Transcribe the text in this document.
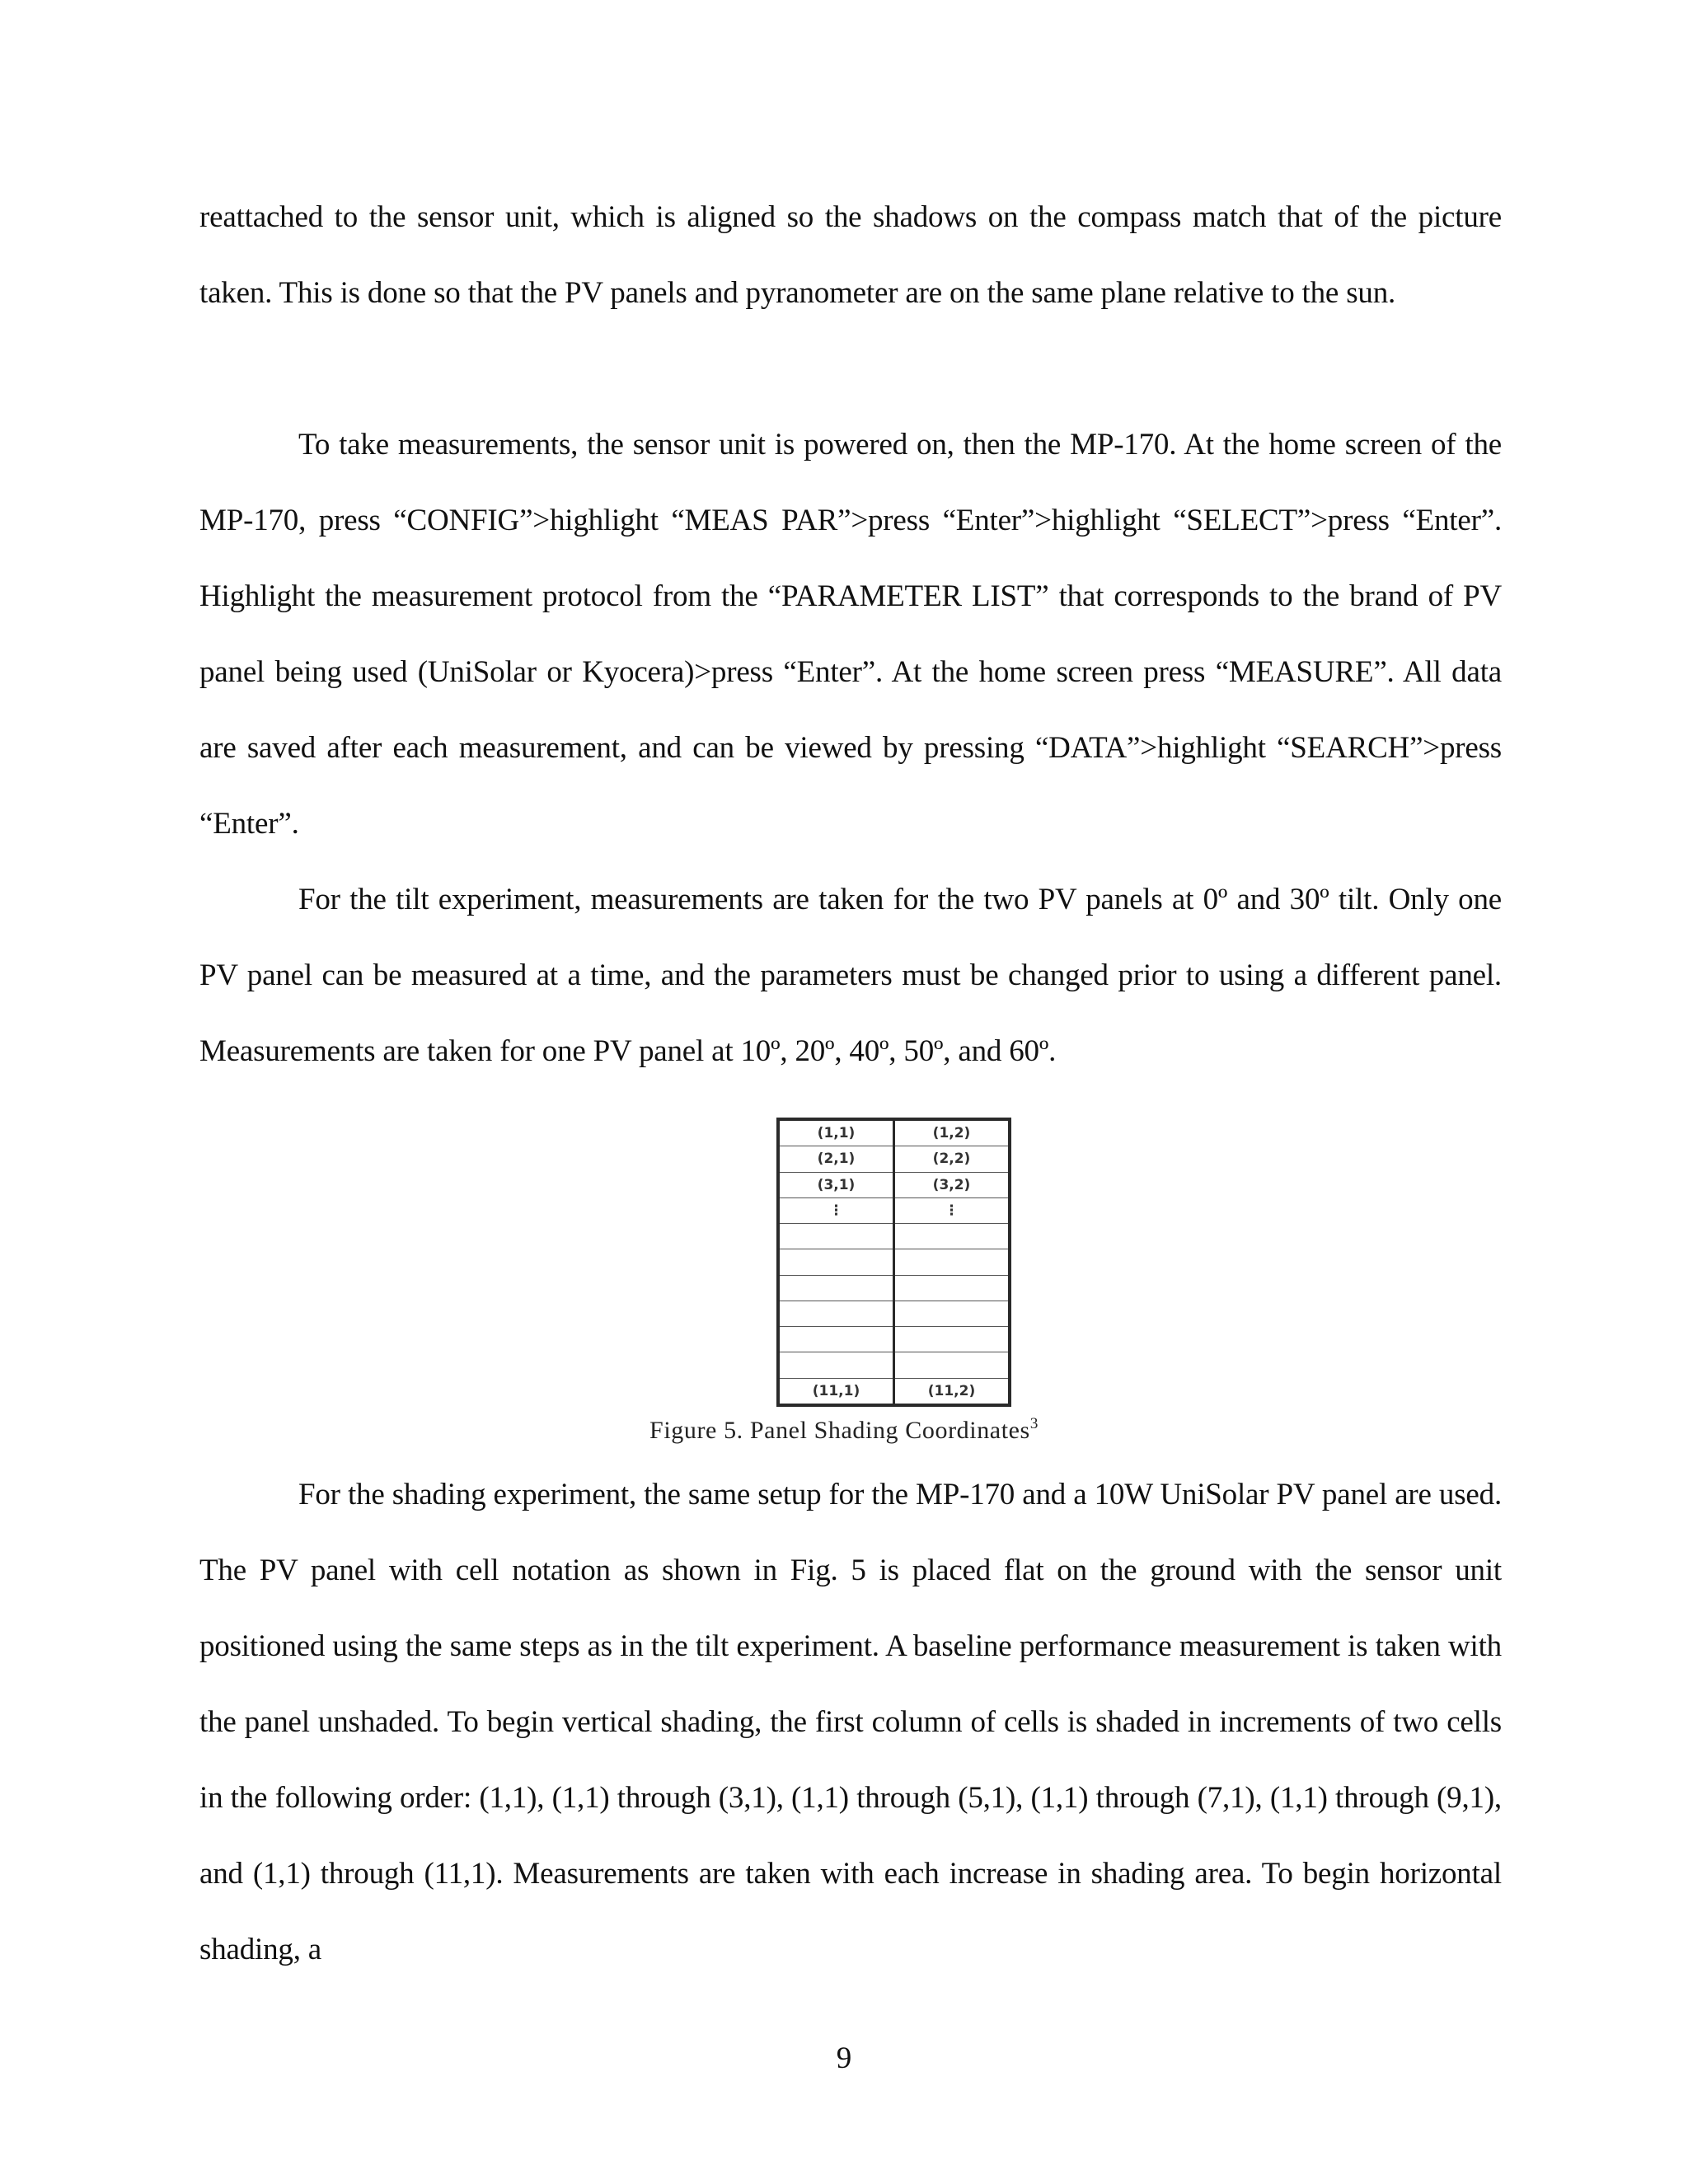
reattached to the sensor unit, which is aligned so the shadows on the compass match that of the picture taken. This is done so that the PV panels and pyranometer are on the same plane relative to the sun.

To take measurements, the sensor unit is powered on, then the MP-170. At the home screen of the MP-170, press “CONFIG”>highlight “MEAS PAR”>press “Enter”>highlight “SELECT”>press “Enter”. Highlight the measurement protocol from the “PARAMETER LIST” that corresponds to the brand of PV panel being used (UniSolar or Kyocera)>press “Enter”. At the home screen press “MEASURE”. All data are saved after each measurement, and can be viewed by pressing “DATA”>highlight “SEARCH”>press “Enter”.

For the tilt experiment, measurements are taken for the two PV panels at 0º and 30º tilt. Only one PV panel can be measured at a time, and the parameters must be changed prior to using a different panel. Measurements are taken for one PV panel at 10º, 20º, 40º, 50º, and 60º.

(1,1)	(1,2)
(2,1)	(2,2)
(3,1)	(3,2)
⋮	⋮

(11,1)	(11,2)
Figure 5. Panel Shading Coordinates$^3$

For the shading experiment, the same setup for the MP-170 and a 10W UniSolar PV panel are used. The PV panel with cell notation as shown in Fig. 5 is placed flat on the ground with the sensor unit positioned using the same steps as in the tilt experiment. A baseline performance measurement is taken with the panel unshaded. To begin vertical shading, the first column of cells is shaded in increments of two cells in the following order: (1,1), (1,1) through (3,1), (1,1) through (5,1), (1,1) through (7,1), (1,1) through (9,1), and (1,1) through (11,1). Measurements are taken with each increase in shading area. To begin horizontal shading, a

9
